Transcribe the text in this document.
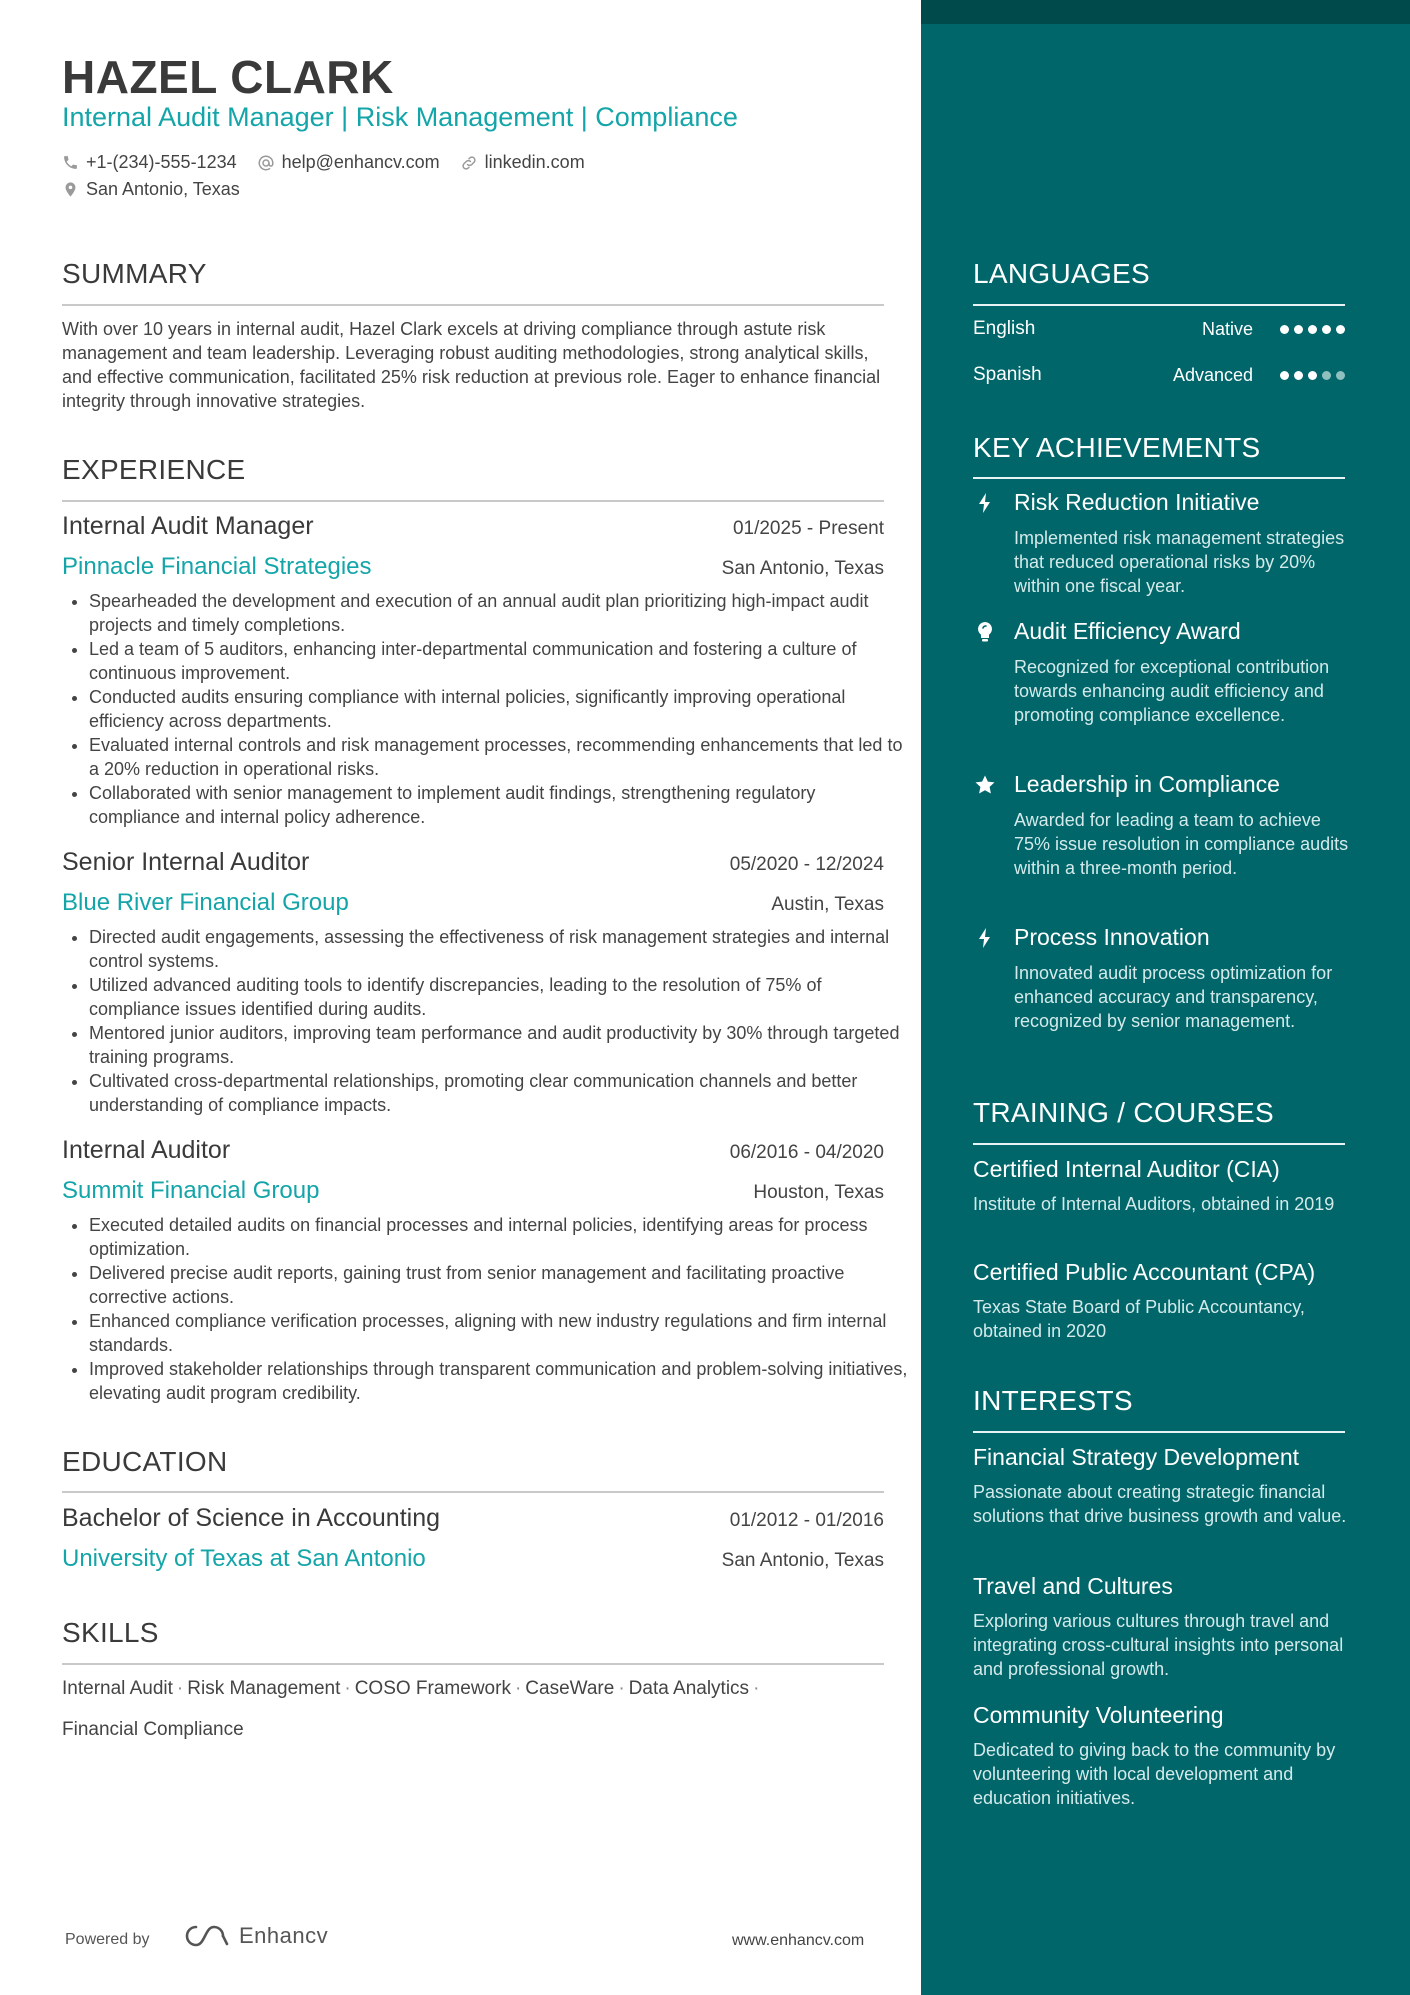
HAZEL CLARK
Internal Audit Manager | Risk Management | Compliance
+1-(234)-555-1234	help@enhancv.com	linkedin.com
San Antonio, Texas
SUMMARY
With over 10 years in internal audit, Hazel Clark excels at driving compliance through astute risk management and team leadership. Leveraging robust auditing methodologies, strong analytical skills, and effective communication, facilitated 25% risk reduction at previous role. Eager to enhance financial integrity through innovative strategies.
EXPERIENCE
Internal Audit Manager	01/2025 - Present
Pinnacle Financial Strategies	San Antonio, Texas
• Spearheaded the development and execution of an annual audit plan prioritizing high-impact audit projects and timely completions.
• Led a team of 5 auditors, enhancing inter-departmental communication and fostering a culture of continuous improvement.
• Conducted audits ensuring compliance with internal policies, significantly improving operational efficiency across departments.
• Evaluated internal controls and risk management processes, recommending enhancements that led to a 20% reduction in operational risks.
• Collaborated with senior management to implement audit findings, strengthening regulatory compliance and internal policy adherence.
Senior Internal Auditor	05/2020 - 12/2024
Blue River Financial Group	Austin, Texas
• Directed audit engagements, assessing the effectiveness of risk management strategies and internal control systems.
• Utilized advanced auditing tools to identify discrepancies, leading to the resolution of 75% of compliance issues identified during audits.
• Mentored junior auditors, improving team performance and audit productivity by 30% through targeted training programs.
• Cultivated cross-departmental relationships, promoting clear communication channels and better understanding of compliance impacts.
Internal Auditor	06/2016 - 04/2020
Summit Financial Group	Houston, Texas
• Executed detailed audits on financial processes and internal policies, identifying areas for process optimization.
• Delivered precise audit reports, gaining trust from senior management and facilitating proactive corrective actions.
• Enhanced compliance verification processes, aligning with new industry regulations and firm internal standards.
• Improved stakeholder relationships through transparent communication and problem-solving initiatives, elevating audit program credibility.
EDUCATION
Bachelor of Science in Accounting	01/2012 - 01/2016
University of Texas at San Antonio	San Antonio, Texas
SKILLS
Internal Audit · Risk Management · COSO Framework · CaseWare · Data Analytics ·
Financial Compliance
Powered by	Enhancv	www.enhancv.com
LANGUAGES
English	Native
Spanish	Advanced
KEY ACHIEVEMENTS
Risk Reduction Initiative
Implemented risk management strategies that reduced operational risks by 20% within one fiscal year.
Audit Efficiency Award
Recognized for exceptional contribution towards enhancing audit efficiency and promoting compliance excellence.
Leadership in Compliance
Awarded for leading a team to achieve 75% issue resolution in compliance audits within a three-month period.
Process Innovation
Innovated audit process optimization for enhanced accuracy and transparency, recognized by senior management.
TRAINING / COURSES
Certified Internal Auditor (CIA)
Institute of Internal Auditors, obtained in 2019
Certified Public Accountant (CPA)
Texas State Board of Public Accountancy, obtained in 2020
INTERESTS
Financial Strategy Development
Passionate about creating strategic financial solutions that drive business growth and value.
Travel and Cultures
Exploring various cultures through travel and integrating cross-cultural insights into personal and professional growth.
Community Volunteering
Dedicated to giving back to the community by volunteering with local development and education initiatives.
